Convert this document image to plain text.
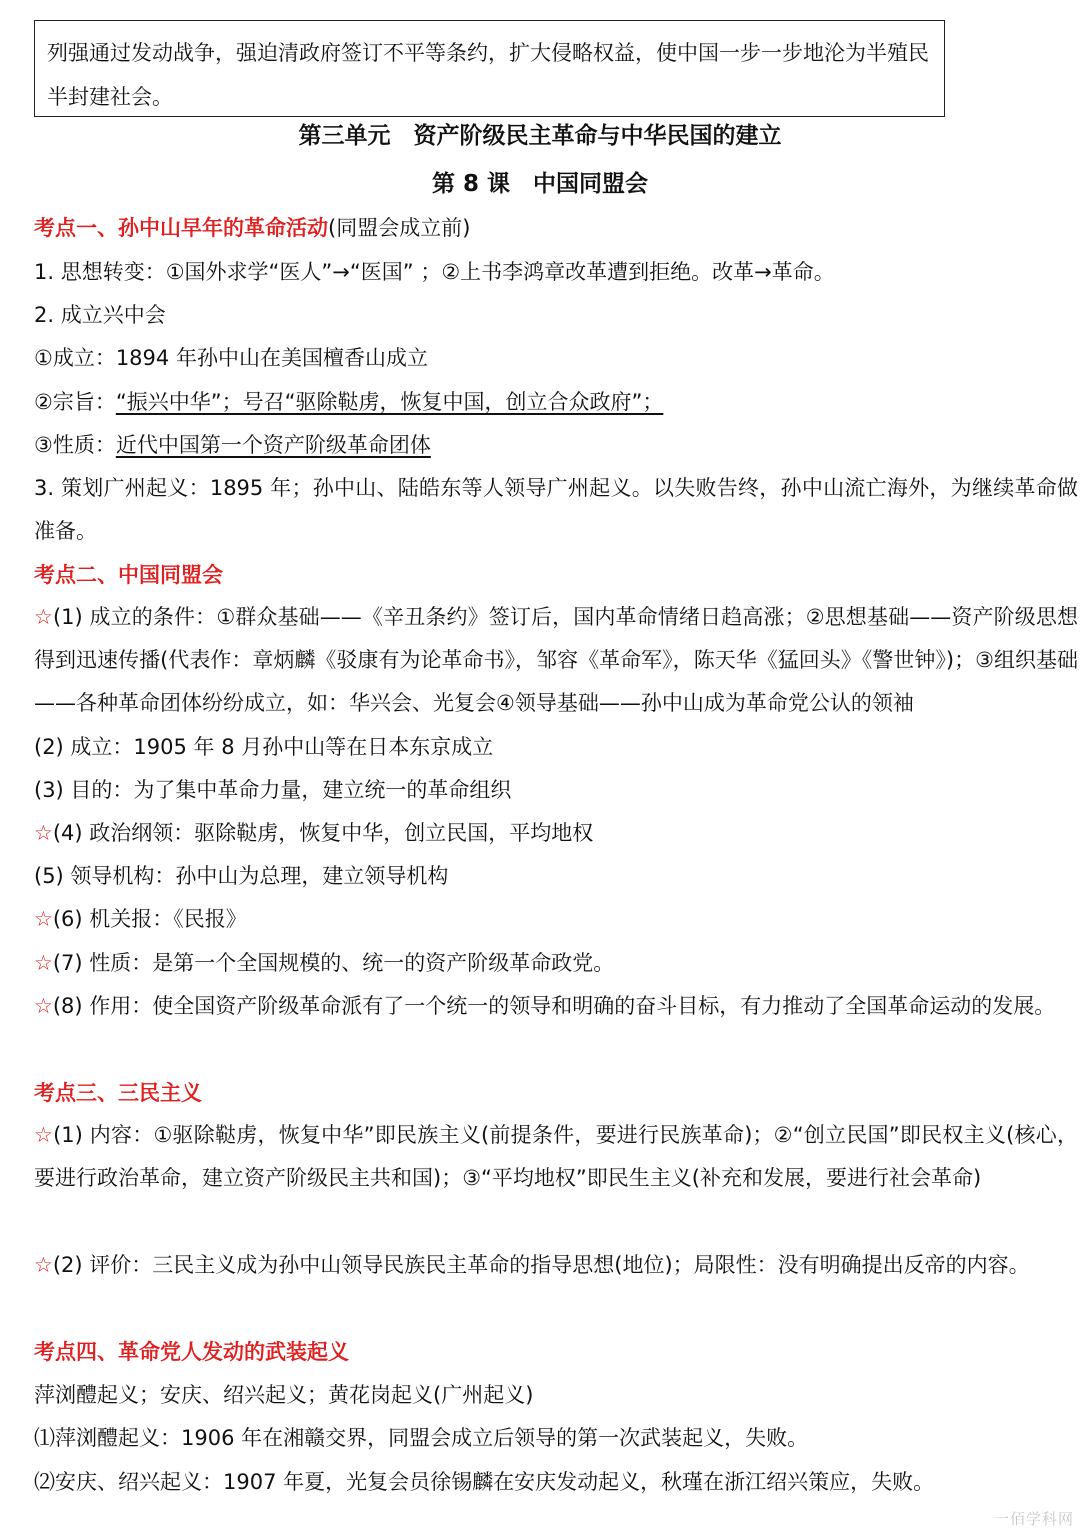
列强通过发动战争，强迫清政府签订不平等条约，扩大侵略权益，使中国一步一步地沦为半殖民半封建社会。
第三单元　资产阶级民主革命与中华民国的建立
第 8 课　中国同盟会
考点一、孙中山早年的革命活动(同盟会成立前)
1. 思想转变：①国外求学“医人”→“医国” ；②上书李鸿章改革遭到拒绝。改革→革命。
2. 成立兴中会
①成立：1894 年孙中山在美国檀香山成立
②宗旨：“振兴中华”；号召“驱除鞑虏，恢复中国，创立合众政府”；
③性质：近代中国第一个资产阶级革命团体
3. 策划广州起义：1895 年；孙中山、陆皓东等人领导广州起义。以失败告终，孙中山流亡海外，为继续革命做准备。
考点二、中国同盟会
☆(1) 成立的条件：①群众基础——《辛丑条约》签订后，国内革命情绪日趋高涨；②思想基础——资产阶级思想得到迅速传播(代表作：章炳麟《驳康有为论革命书》，邹容《革命军》，陈天华《猛回头》《警世钟》)；③组织基础——各种革命团体纷纷成立，如：华兴会、光复会④领导基础——孙中山成为革命党公认的领袖
(2) 成立：1905 年 8 月孙中山等在日本东京成立
(3) 目的：为了集中革命力量，建立统一的革命组织
☆(4) 政治纲领：驱除鞑虏，恢复中华，创立民国，平均地权
(5) 领导机构：孙中山为总理，建立领导机构
☆(6) 机关报：《民报》
☆(7) 性质：是第一个全国规模的、统一的资产阶级革命政党。
☆(8) 作用：使全国资产阶级革命派有了一个统一的领导和明确的奋斗目标，有力推动了全国革命运动的发展。
考点三、三民主义
☆(1) 内容：①驱除鞑虏，恢复中华”即民族主义(前提条件，要进行民族革命)；②“创立民国”即民权主义(核心，要进行政治革命，建立资产阶级民主共和国)；③“平均地权”即民生主义(补充和发展，要进行社会革命)
☆(2) 评价：三民主义成为孙中山领导民族民主革命的指导思想(地位)；局限性：没有明确提出反帝的内容。
考点四、革命党人发动的武装起义
萍浏醴起义；安庆、绍兴起义；黄花岗起义(广州起义)
⑴萍浏醴起义：1906 年在湘赣交界，同盟会成立后领导的第一次武装起义，失败。
⑵安庆、绍兴起义：1907 年夏，光复会员徐锡麟在安庆发动起义，秋瑾在浙江绍兴策应，失败。
一佰学科网
